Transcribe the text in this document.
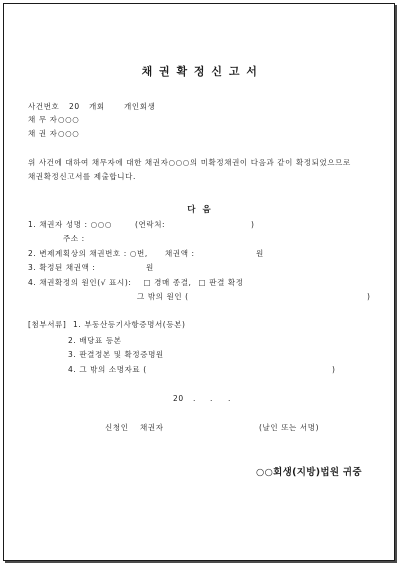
채 권 확 정 신 고 서
사건번호 20 개회	개인회생
채 무 자 ○○○
채 권 자 ○○○
위 사건에 대하여 채무자에 대한 채권자○○○의 미확정채권이 다음과 같이 확정되었으므로
채권확정신고서를 제출합니다.
다 음
1. 채권자 성명 : ○○○	(연락처:	)
주소 :
2. 변제계획상의 채권번호 : ○번, 채권액 :	원
3. 확정된 채권액 :	원
4. 채권확정의 원인(√ 표시): □ 경매 종결, □ 판결 확정
그 밖의 원인 (	)
[첨부서류] 1. 부동산등기사항증명서(등본)
2. 배당표 등본
3. 판결정본 및 확정증명원
4. 그 밖의 소명자료 (	)
20 . . .
신청인 채권자	(날인 또는 서명)
○○회생(지방)법원 귀중
